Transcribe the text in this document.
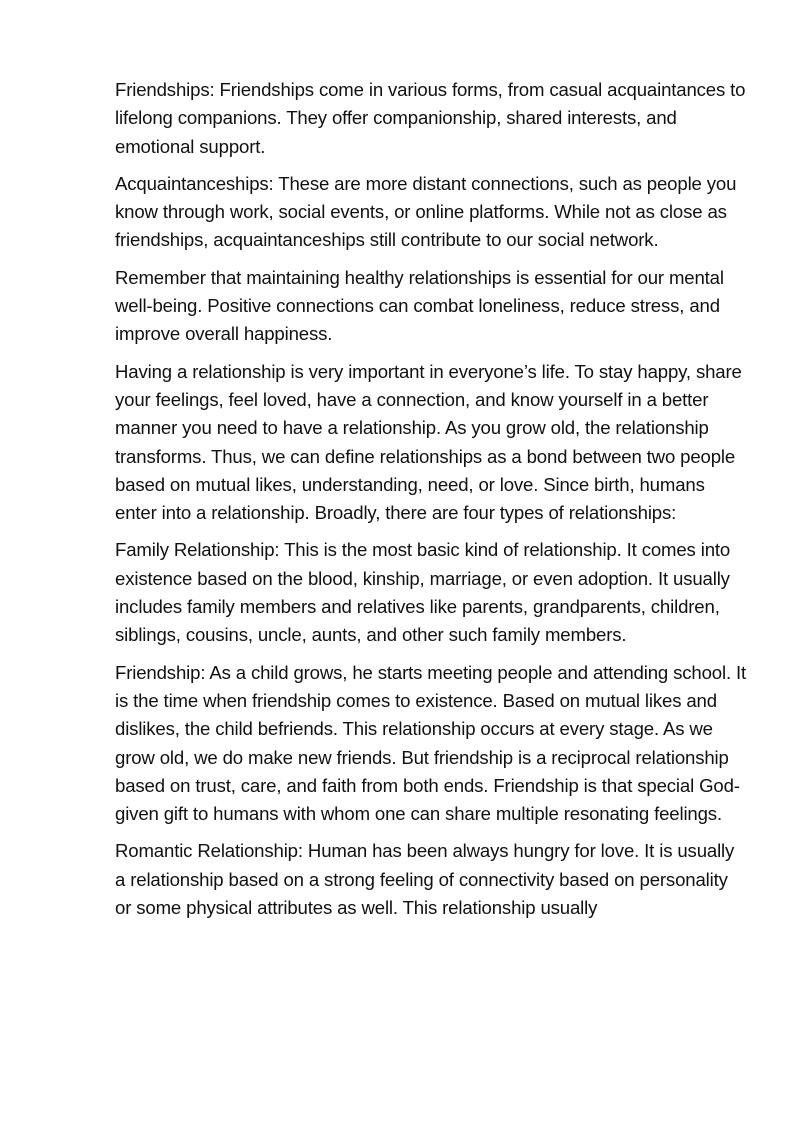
Friendships: Friendships come in various forms, from casual acquaintances to lifelong companions. They offer companionship, shared interests, and emotional support.

Acquaintanceships: These are more distant connections, such as people you know through work, social events, or online platforms. While not as close as friendships, acquaintanceships still contribute to our social network.

Remember that maintaining healthy relationships is essential for our mental well-being. Positive connections can combat loneliness, reduce stress, and improve overall happiness.

Having a relationship is very important in everyone’s life. To stay happy, share your feelings, feel loved, have a connection, and know yourself in a better manner you need to have a relationship. As you grow old, the relationship transforms. Thus, we can define relationships as a bond between two people based on mutual likes, understanding, need, or love. Since birth, humans enter into a relationship. Broadly, there are four types of relationships:

Family Relationship: This is the most basic kind of relationship. It comes into existence based on the blood, kinship, marriage, or even adoption. It usually includes family members and relatives like parents, grandparents, children, siblings, cousins, uncle, aunts, and other such family members.

Friendship: As a child grows, he starts meeting people and attending school. It is the time when friendship comes to existence. Based on mutual likes and dislikes, the child befriends. This relationship occurs at every stage. As we grow old, we do make new friends. But friendship is a reciprocal relationship based on trust, care, and faith from both ends. Friendship is that special God-given gift to humans with whom one can share multiple resonating feelings.

Romantic Relationship: Human has been always hungry for love. It is usually a relationship based on a strong feeling of connectivity based on personality or some physical attributes as well. This relationship usually
